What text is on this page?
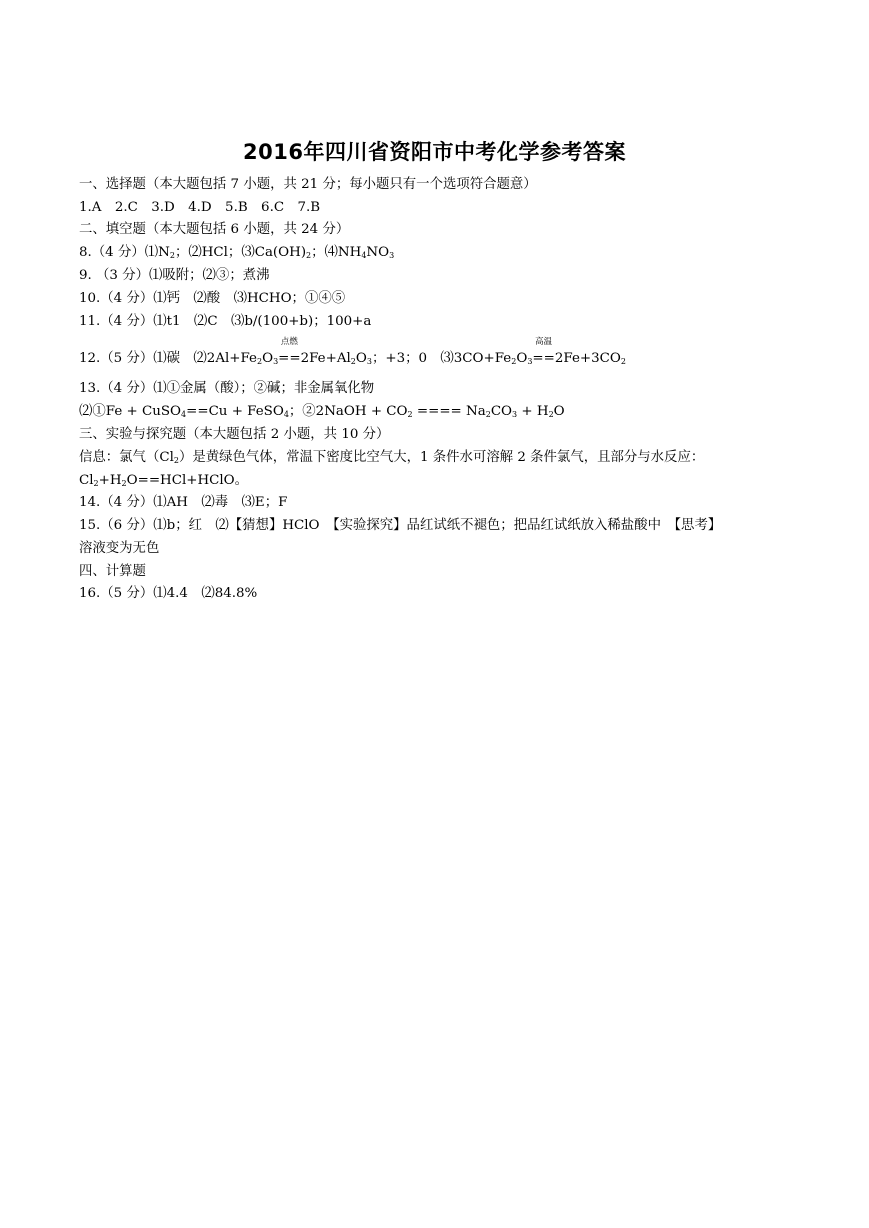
2016年四川省资阳市中考化学参考答案
一、选择题（本大题包括 7 小题，共 21 分；每小题只有一个选项符合题意）
1.A　2.C　3.D　4.D　5.B　6.C　7.B
二、填空题（本大题包括 6 小题，共 24 分）
8.（4 分）$⑴N_2$；⑵HCl；$⑶Ca(OH)_2$；$⑷NH_4NO_3$
9. （3 分）⑴吸附；⑵③；煮沸
10.（4 分）⑴钙　⑵酸　⑶HCHO；①④⑤
11.（4 分）⑴t1　⑵C　⑶b/(100+b)；100+a
12.（5 分）⑴碳　$⑵2Al+Fe_2O_3$
点燃
$==2Fe+Al_2O_3$；+3；0　$⑶3CO+Fe_2O_3$
高温
$==2Fe+3CO_2$
13.（4 分）⑴①金属（酸）；②碱；非金属氧化物
⑵①Fe + CuSO$_4$==Cu + FeSO$_4$；②2NaOH + $CO_2$ ==== $Na_2CO_3 + H_2O$
三、实验与探究题（本大题包括 2 小题，共 10 分）
信息：氯气$(Cl_2)$是黄绿色气体，常温下密度比空气大，1 条件水可溶解 2 条件氯气，且部分与水反应：
$Cl_2+H_2O==HCl+HClO$。
14.（4 分）⑴AH　⑵毒　⑶E；F
15.（6 分）⑴b；红　⑵【猜想】HClO　【实验探究】品红试纸不褪色；把品红试纸放入稀盐酸中　【思考】
溶液变为无色
四、计算题
16.（5 分）⑴4.4　⑵84.8%
